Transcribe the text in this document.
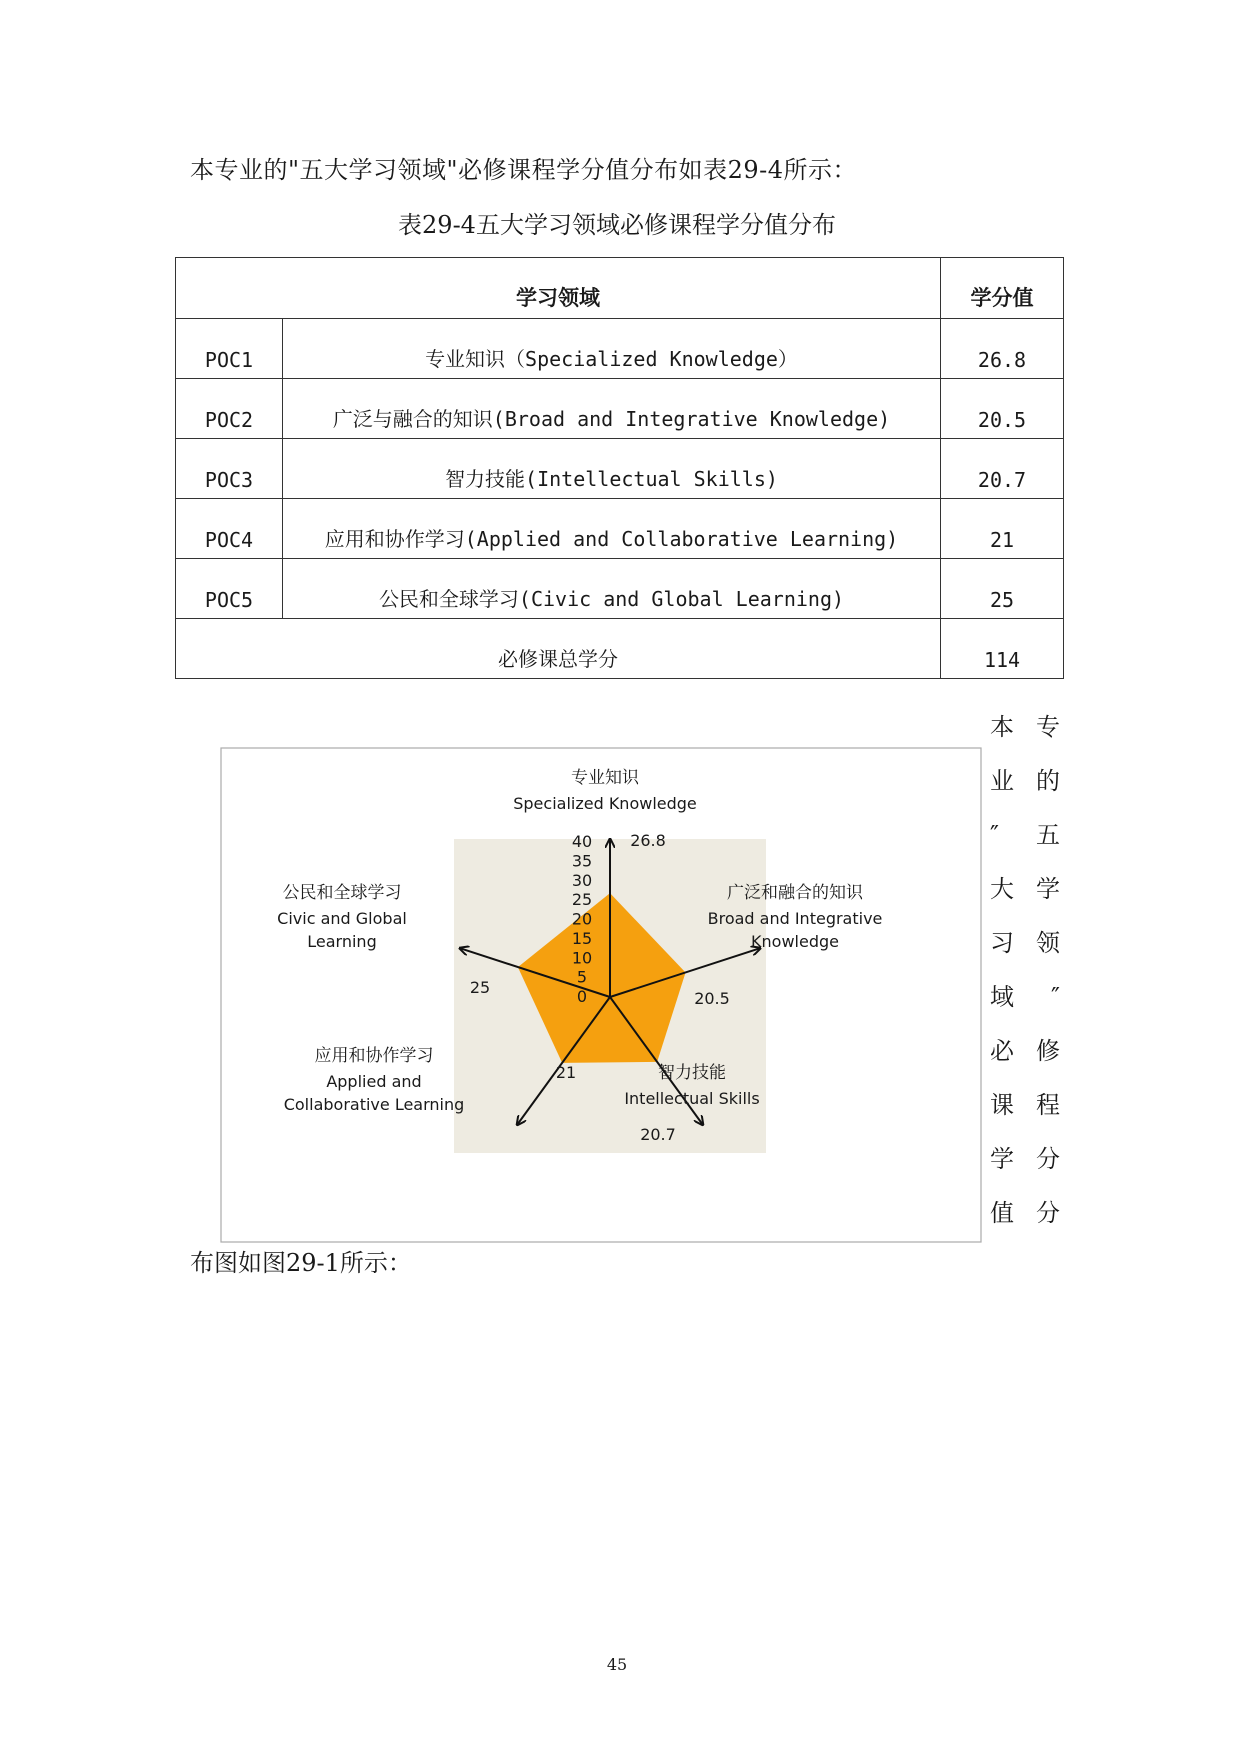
本专业的"五大学习领域"必修课程学分值分布如表29-4所示：
表29-4五大学习领域必修课程学分值分布
学习领域		学分值
POC1	专业知识（Specialized Knowledge）	26.8
POC2	广泛与融合的知识(Broad and Integrative Knowledge)	20.5
POC3	智力技能(Intellectual Skills)	20.7
POC4	应用和协作学习(Applied and Collaborative Learning)	21
POC5	公民和全球学习(Civic and Global Learning)	25
必修课总学分		114
本 专
业 的
″ 五
大 学
习 领
域 ″
必 修
课 程
学 分
值 分
0
5
10
15
20
25
30
35
40 26.8
20.5
20.7
21
25
专业知识
Specialized Knowledge
广泛和融合的知识
Broad and Integrative
Knowledge
智力技能
Intellectual Skills
应用和协作学习
Applied and
Collaborative Learning
公民和全球学习
Civic and Global
Learning
布图如图29-1所示：
45
